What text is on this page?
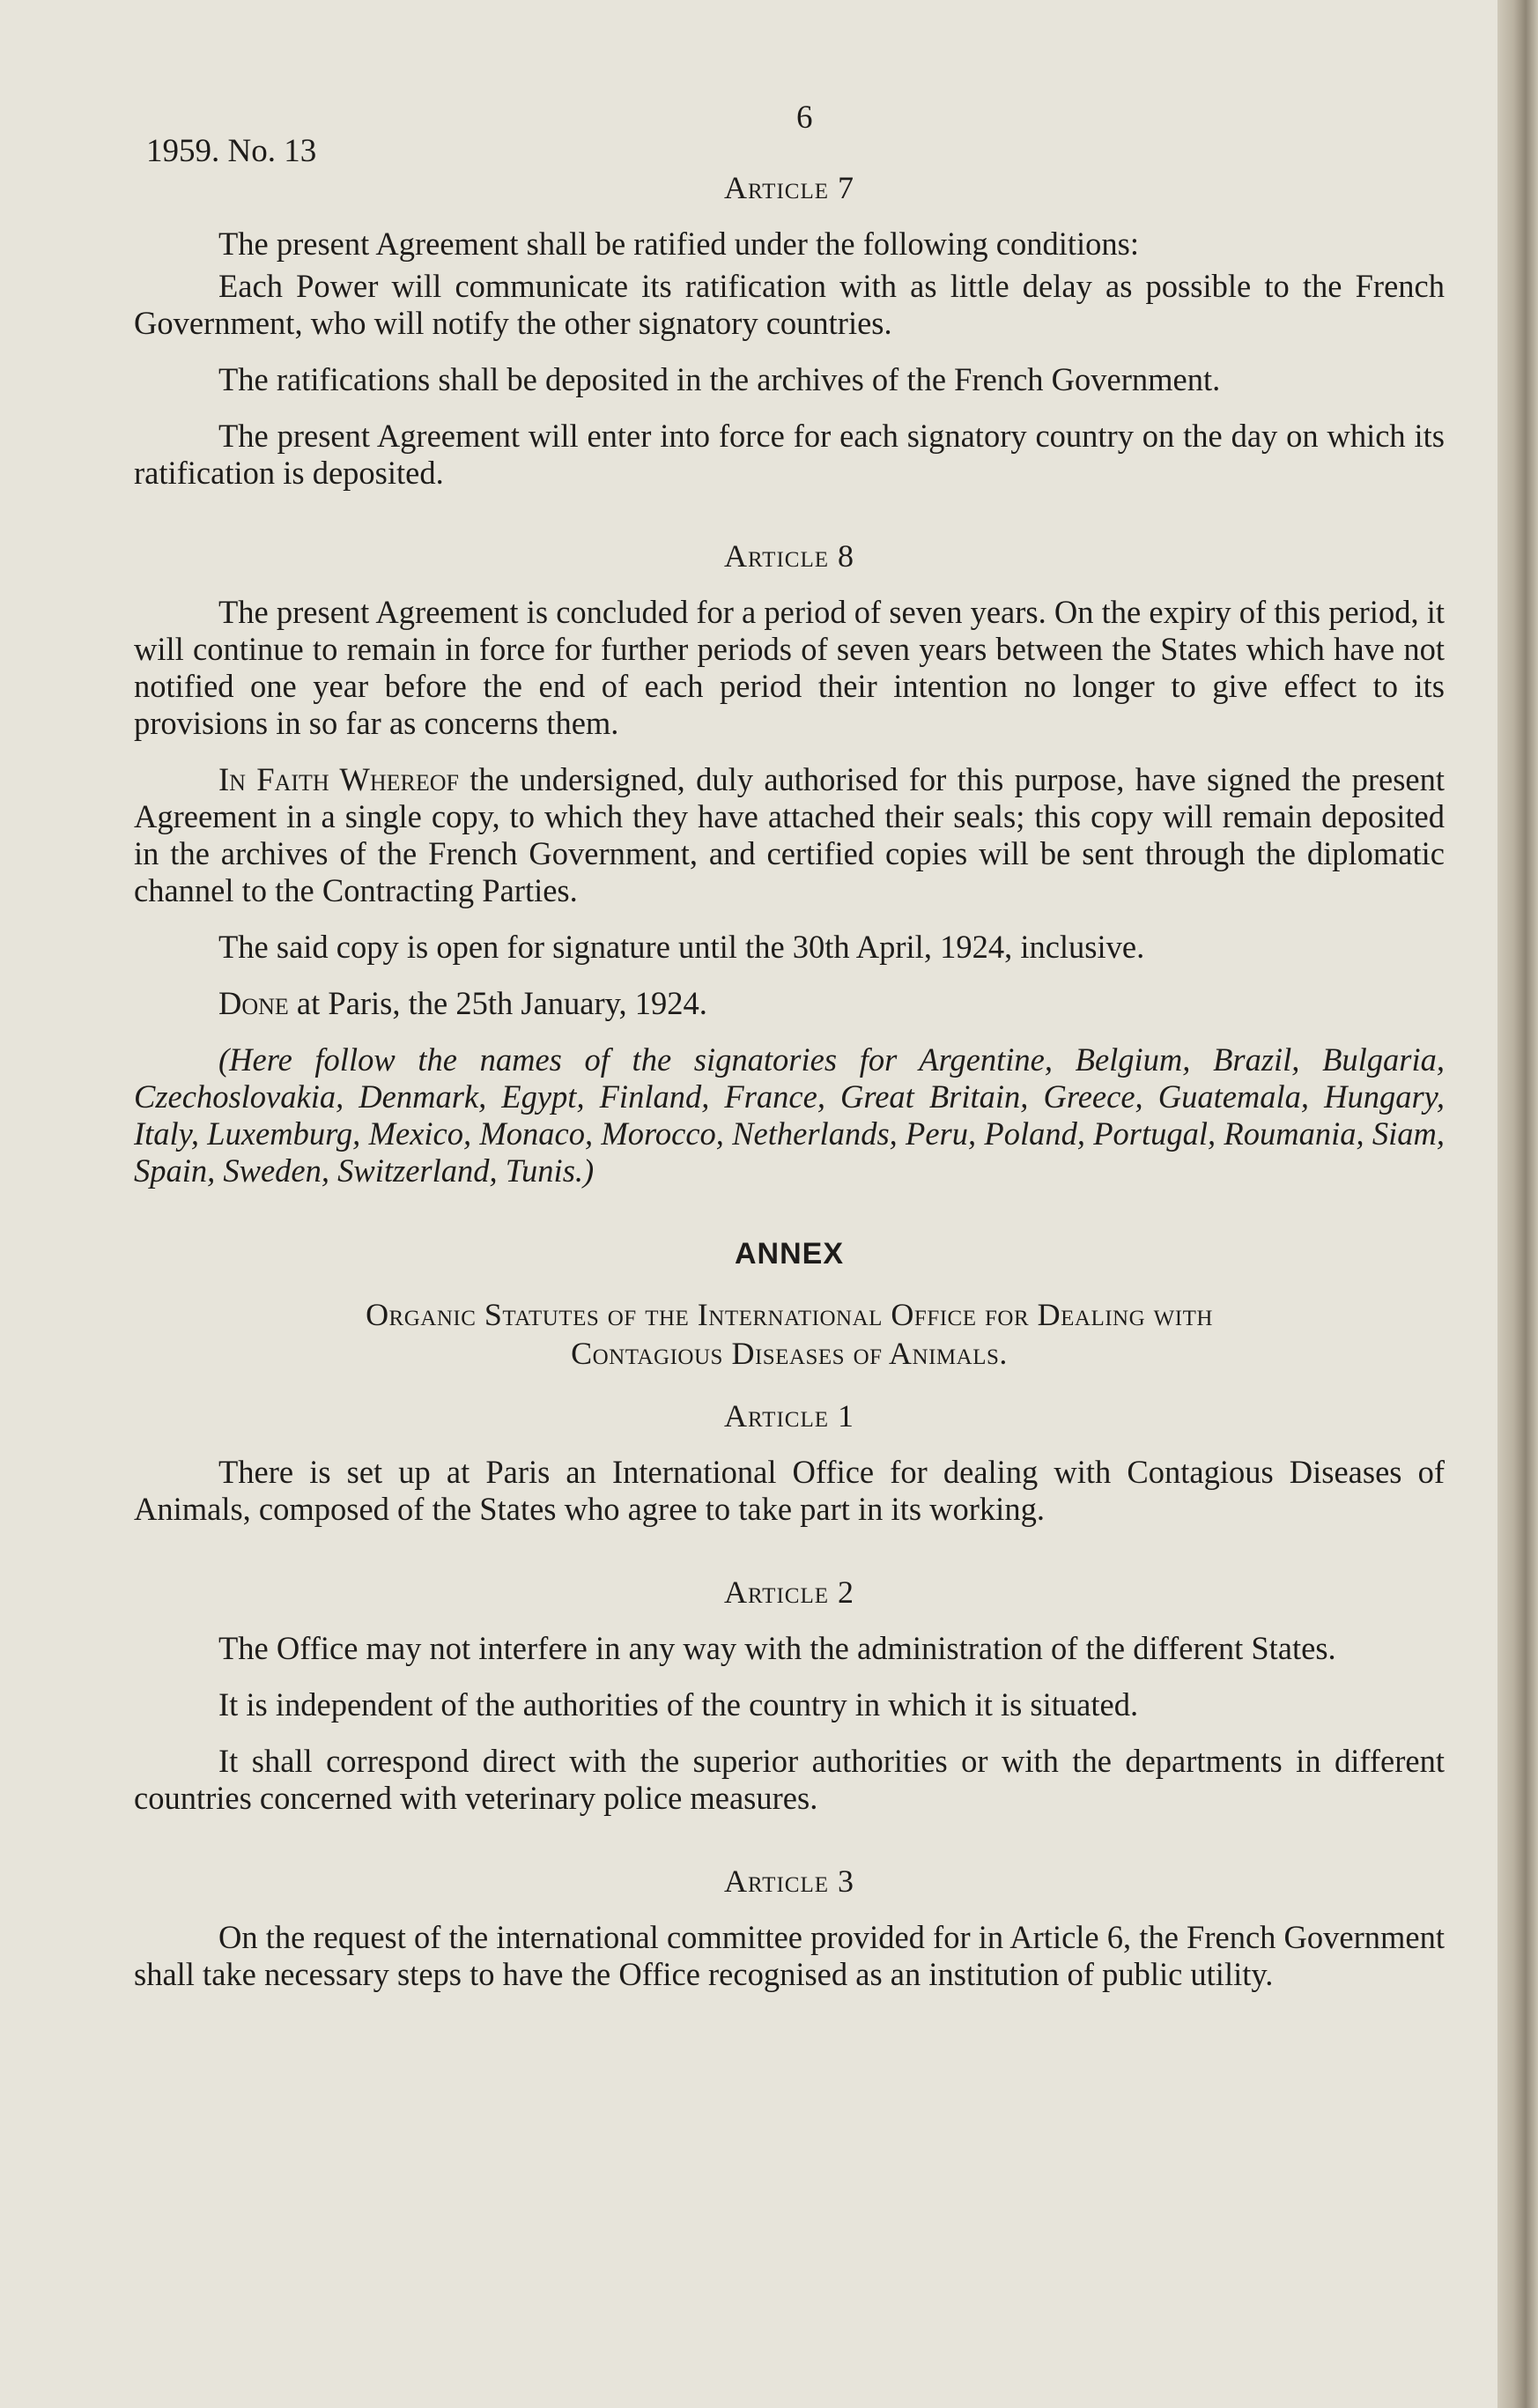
6
1959. No. 13
Article 7

The present Agreement shall be ratified under the following conditions:

Each Power will communicate its ratification with as little delay as possible to the French Government, who will notify the other signatory countries.

The ratifications shall be deposited in the archives of the French Government.

The present Agreement will enter into force for each signatory country on the day on which its ratification is deposited.

Article 8

The present Agreement is concluded for a period of seven years. On the expiry of this period, it will continue to remain in force for further periods of seven years between the States which have not notified one year before the end of each period their intention no longer to give effect to its provisions in so far as concerns them.

In Faith Whereof the undersigned, duly authorised for this purpose, have signed the present Agreement in a single copy, to which they have attached their seals; this copy will remain deposited in the archives of the French Government, and certified copies will be sent through the diplomatic channel to the Contracting Parties.

The said copy is open for signature until the 30th April, 1924, inclusive.

Done at Paris, the 25th January, 1924.

(Here follow the names of the signatories for Argentine, Belgium, Brazil, Bulgaria, Czechoslovakia, Denmark, Egypt, Finland, France, Great Britain, Greece, Guatemala, Hungary, Italy, Luxemburg, Mexico, Monaco, Morocco, Netherlands, Peru, Poland, Portugal, Roumania, Siam, Spain, Sweden, Switzerland, Tunis.)

ANNEX
Organic Statutes of the International Office for Dealing with
Contagious Diseases of Animals.
Article 1

There is set up at Paris an International Office for dealing with Contagious Diseases of Animals, composed of the States who agree to take part in its working.

Article 2

The Office may not interfere in any way with the administration of the different States.

It is independent of the authorities of the country in which it is situated.

It shall correspond direct with the superior authorities or with the departments in different countries concerned with veterinary police measures.

Article 3

On the request of the international committee provided for in Article 6, the French Government shall take necessary steps to have the Office recognised as an institution of public utility.
